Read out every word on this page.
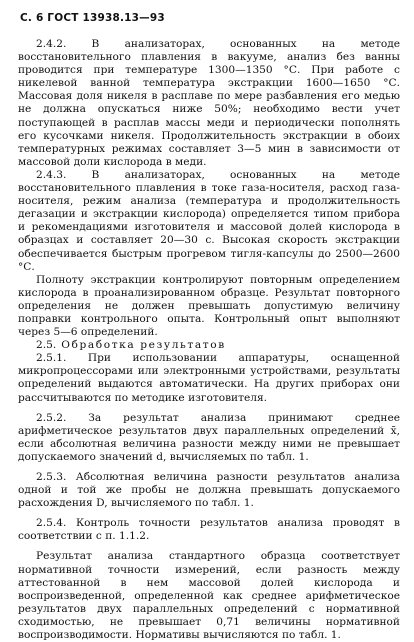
С. 6 ГОСТ 13938.13—93

2.4.2. В анализаторах, основанных на методе восстановительного плавления в вакууме, анализ без ванны проводится при температуре 1300—1350 °С. При работе с никелевой ванной температура экстракции 1600—1650 °С. Массовая доля никеля в расплаве по мере разбавления его медью не должна опускаться ниже 50%; необходимо вести учет поступающей в расплав массы меди и периодически пополнять его кусочками никеля. Продолжительность экстракции в обоих температурных режимах составляет 3—5 мин в зависимости от массовой доли кислорода в меди.

2.4.3. В анализаторах, основанных на методе восстановительного плавления в токе газа-носителя, расход газа-носителя, режим анализа (температура и продолжительность дегазации и экстракции кислорода) определяется типом прибора и рекомендациями изготовителя и массовой долей кислорода в образцах и составляет 20—30 с. Высокая скорость экстракции обеспечивается быстрым прогревом тигля-капсулы до 2500—2600 °С.

Полноту экстракции контролируют повторным определением кислорода в проанализированном образце. Результат повторного определения не должен превышать допустимую величину поправки контрольного опыта. Контрольный опыт выполняют через 5—6 определений.

2.5. Обработка результатов

2.5.1. При использовании аппаратуры, оснащенной микропроцессорами или электронными устройствами, результаты определений выдаются автоматически. На других приборах они рассчитываются по методике изготовителя.

2.5.2. За результат анализа принимают среднее арифметическое результатов двух параллельных определений x̄, если абсолютная величина разности между ними не превышает допускаемого значений d, вычисляемых по табл. 1.

2.5.3. Абсолютная величина разности результатов анализа одной и той же пробы не должна превышать допускаемого расхождения D, вычисляемого по табл. 1.

2.5.4. Контроль точности результатов анализа проводят в соответствии с п. 1.1.2.

Результат анализа стандартного образца соответствует нормативной точности измерений, если разность между аттестованной в нем массовой долей кислорода и воспроизведенной, определенной как среднее арифметическое результатов двух параллельных определений с нормативной сходимостью, не превышает 0,71 величины нормативной воспроизводимости. Нормативы вычисляются по табл. 1.
